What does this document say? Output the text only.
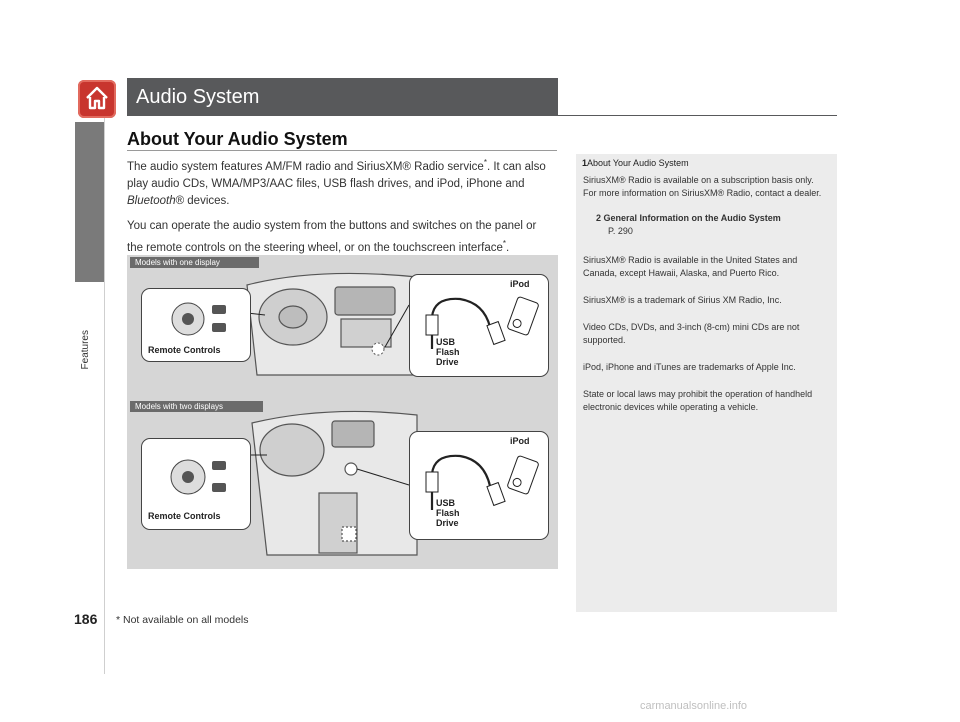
Features
Audio System
About Your Audio System
The audio system features AM/FM radio and SiriusXM® Radio service*. It can also
play audio CDs, WMA/MP3/AAC files, USB flash drives, and iPod, iPhone and
Bluetooth® devices.
You can operate the audio system from the buttons and switches on the panel or
the remote controls on the steering wheel, or on the touchscreen interface*.
Models with one display
Models with two displays
Remote Controls
Remote Controls
iPod
USB
Flash
Drive
iPod
USB
Flash
Drive
1About Your Audio System
SiriusXM® Radio is available on a subscription basis only. For more information on SiriusXM® Radio, contact a dealer.
2 General Information on the Audio System
P. 290
SiriusXM® Radio is available in the United States and Canada, except Hawaii, Alaska, and Puerto Rico.
SiriusXM® is a trademark of Sirius XM Radio, Inc.
Video CDs, DVDs, and 3-inch (8-cm) mini CDs are not supported.
iPod, iPhone and iTunes are trademarks of Apple Inc.
State or local laws may prohibit the operation of handheld electronic devices while operating a vehicle.
186 * Not available on all models
carmanualsonline.info
